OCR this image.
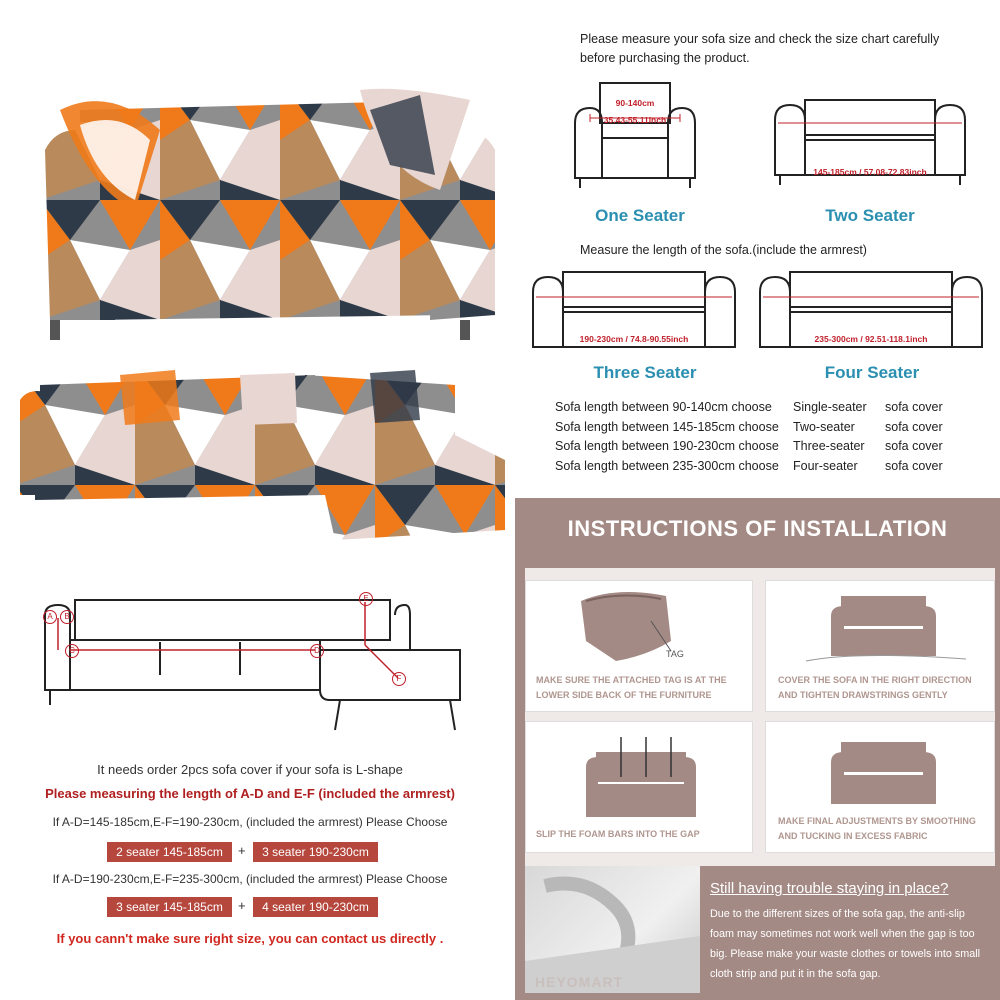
Please measure your sofa size and check the size chart carefully
before purchasing the product.
90-140cm
35.43-55.11inch
One Seater
145-185cm / 57.08-72.83inch
Two Seater
Measure the length of the sofa.(include the armrest)
190-230cm / 74.8-90.55inch
Three Seater
235-300cm / 92.51-118.1inch
Four Seater
Sofa length between 90-140cm choose Single-seater sofa cover
Sofa length between 145-185cm choose Two-seater sofa cover
Sofa length between 190-230cm choose Three-seater sofa cover
Sofa length between 235-300cm choose Four-seater sofa cover
A	B
C	D
E
F
It needs order 2pcs sofa cover if your sofa is L-shape
Please measuring the length of A-D and E-F (included the armrest)
If A-D=145-185cm,E-F=190-230cm, (included the armrest) Please Choose
2 seater 145-185cm	+	3 seater 190-230cm
If A-D=190-230cm,E-F=235-300cm, (included the armrest) Please Choose
3 seater 145-185cm	+	4 seater 190-230cm
If you cann't make sure right size, you can contact us directly .
INSTRUCTIONS OF INSTALLATION
TAG
MAKE SURE THE ATTACHED TAG IS AT THE
LOWER SIDE BACK OF THE FURNITURE
COVER THE SOFA IN THE RIGHT DIRECTION
AND TIGHTEN DRAWSTRINGS GENTLY
SLIP THE FOAM BARS INTO THE GAP
MAKE FINAL ADJUSTMENTS BY SMOOTHING
AND TUCKING IN EXCESS FABRIC
HEYOMART
Still having trouble staying in place?
Due to the different sizes of the sofa gap, the anti-slip
foam may sometimes not work well when the gap is too
big. Please make your waste clothes or towels into small
cloth strip and put it in the sofa gap.
